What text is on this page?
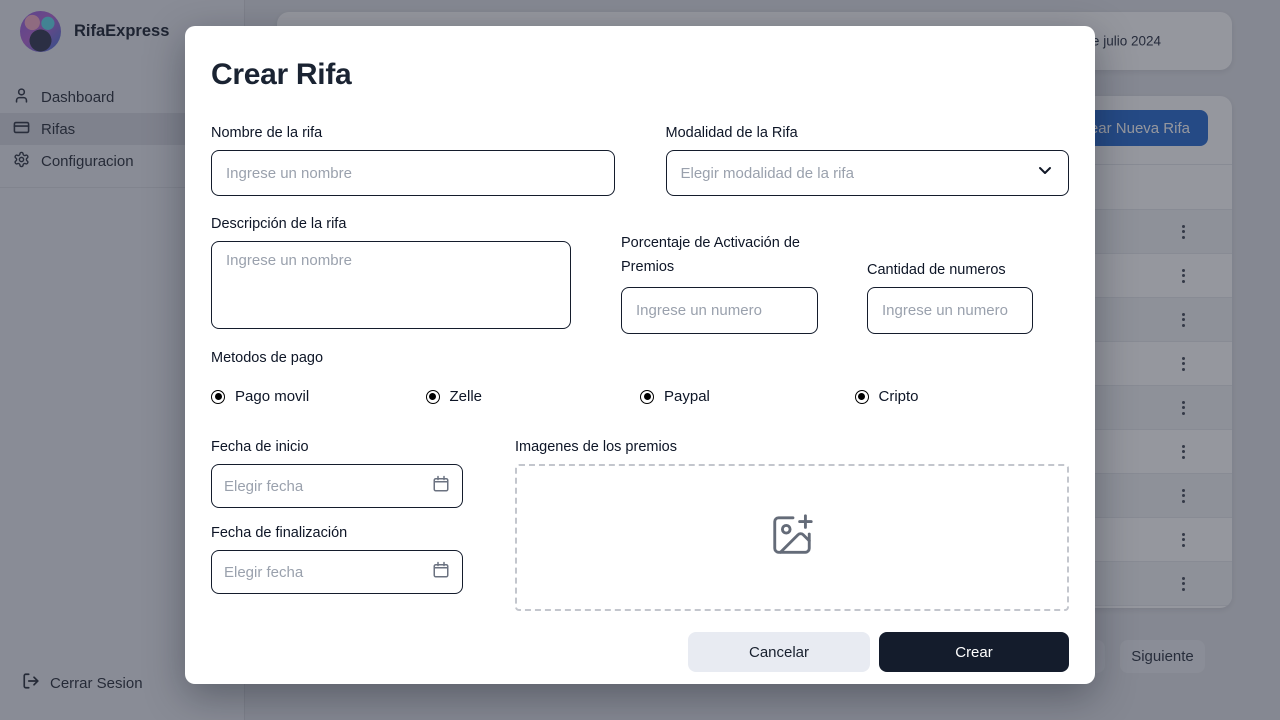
Crear Rifa
Nombre de la rifa
Ingrese un nombre	Modalidad de la Rifa
Elegir modalidad de la rifa
Descripción de la rifa
Ingrese un nombre
Porcentaje de Activación de Premios
Ingrese un numero	Cantidad de numeros
Ingrese un numero
Metodos de pago
Pago movil	Zelle	Paypal	Cripto
Fecha de inicio
Elegir fecha
Fecha de finalización
Elegir fecha
Imagenes de los premios
Cancelar	Crear
